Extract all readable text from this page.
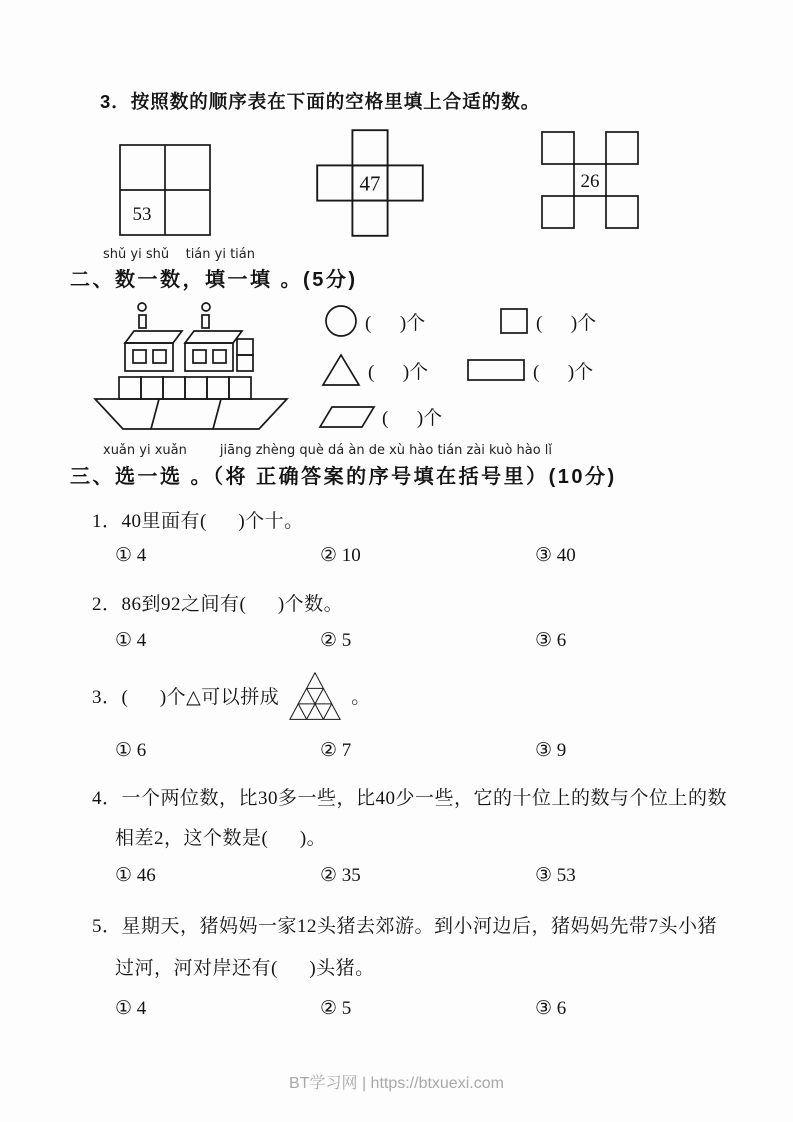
3．按照数的顺序表在下面的空格里填上合适的数。
53
47	26
shǔ yi shǔ    tián yi tián
二、数一数，填一填 。(5分)
(      )个	(      )个
(      )个	(      )个
(      )个
xuǎn yi xuǎn        jiāng zhèng què dá àn de xù hào tián zài kuò hào lǐ
三、选一选 。（将 正确答案的序号填在括号里）(10分)
1．40里面有(      )个十。
① 4	② 10	③ 40
2．86到92之间有(      )个数。
① 4	② 5	③ 6
3．(      )个△可以拼成	。
① 6	② 7	③ 9
4．一个两位数，比30多一些，比40少一些，它的十位上的数与个位上的数
相差2，这个数是(      )。
① 46	② 35	③ 53
5．星期天，猪妈妈一家12头猪去郊游。到小河边后，猪妈妈先带7头小猪
过河，河对岸还有(      )头猪。
① 4	② 5	③ 6
BT学习网 | https://btxuexi.com
